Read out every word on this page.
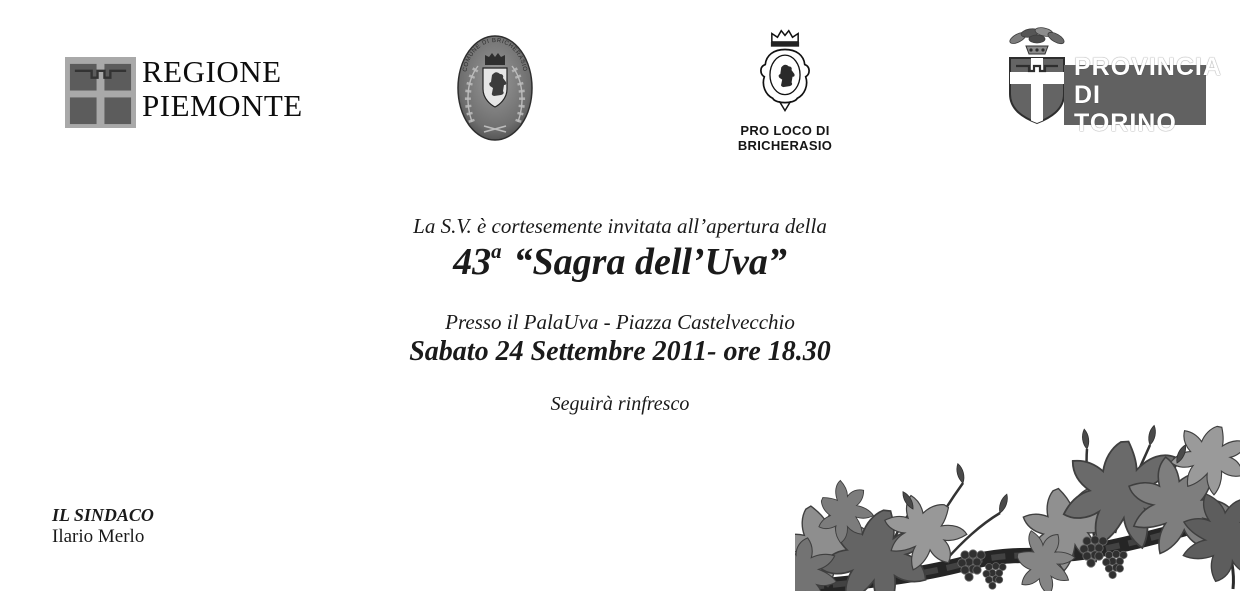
REGIONE
PIEMONTE
COMUNE DI BRICHERASIO
PRO LOCO DI
BRICHERASIO
PROVINCIA
DI TORINO
La S.V. è cortesemente invitata all’apertura della
43$^a$ “Sagra dell’Uva”
Presso il PalaUva - Piazza Castelvecchio
Sabato 24 Settembre 2011- ore 18.30
Seguirà rinfresco
IL SINDACO
Ilario Merlo
